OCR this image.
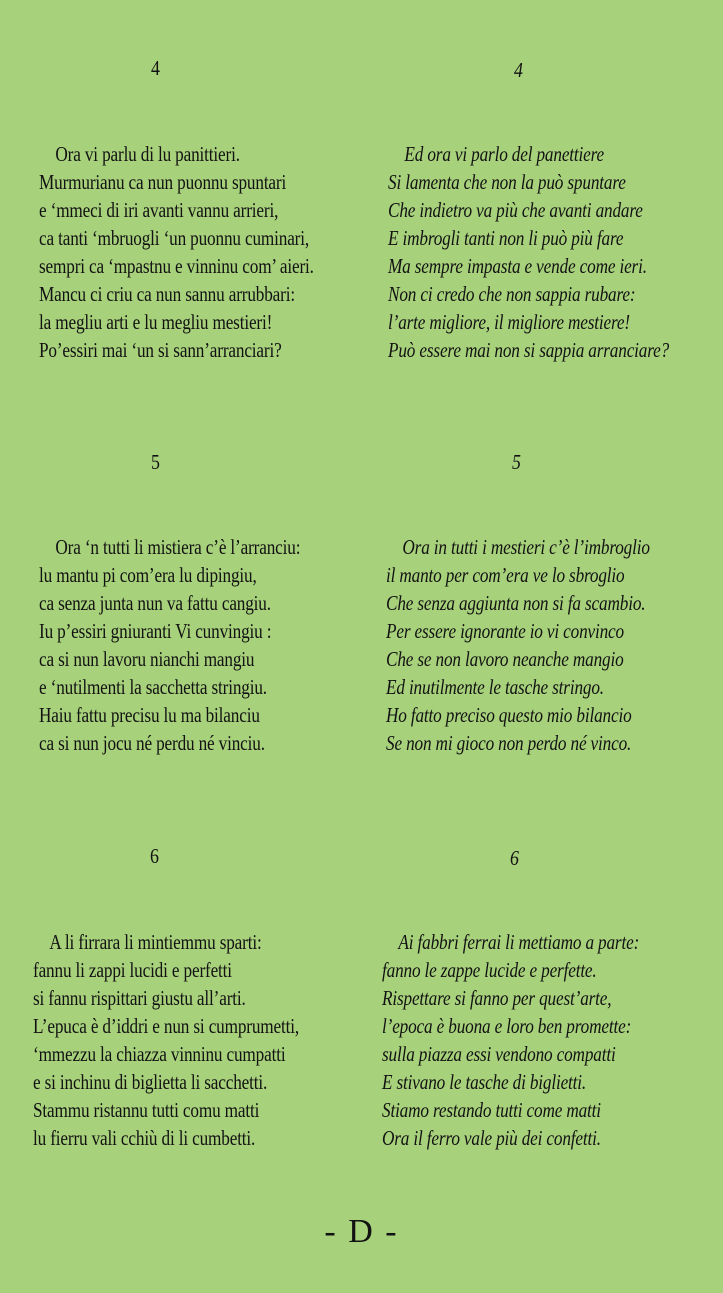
4	4
Ora vi parlu di lu panittieri.
Murmurianu ca nun puonnu spuntari
e ‘mmeci di iri avanti vannu arrieri,
ca tanti ‘mbruogli ‘un puonnu cuminari,
sempri ca ‘mpastnu e vinninu com’ aieri.
Mancu ci criu ca nun sannu arrubbari:
la megliu arti e lu megliu mestieri!
Po’essiri mai ‘un si sann’arranciari?
Ed ora vi parlo del panettiere
Si lamenta che non la può spuntare
Che indietro va più che avanti andare
E imbrogli tanti non li può più fare
Ma sempre impasta e vende come ieri.
Non ci credo che non sappia rubare:
l’arte migliore, il migliore mestiere!
Può essere mai non si sappia arranciare?
5	5
Ora ‘n tutti li mistiera c’è l’arranciu:
lu mantu pi com’era lu dipingiu,
ca senza junta nun va fattu cangiu.
Iu p’essiri gniuranti Vi cunvingiu :
ca si nun lavoru nianchi mangiu
e ‘nutilmenti la sacchetta stringiu.
Haiu fattu precisu lu ma bilanciu
ca si nun jocu né perdu né vinciu.
Ora in tutti i mestieri c’è l’imbroglio
il manto per com’era ve lo sbroglio
Che senza aggiunta non si fa scambio.
Per essere ignorante io vi convinco
Che se non lavoro neanche mangio
Ed inutilmente le tasche stringo.
Ho fatto preciso questo mio bilancio
Se non mi gioco non perdo né vinco.
6	6
A li firrara li mintiemmu sparti:
fannu li zappi lucidi e perfetti
si fannu rispittari giustu all’arti.
L’epuca è d’iddri e nun si cumprumetti,
‘mmezzu la chiazza vinninu cumpatti
e si inchinu di biglietta li sacchetti.
Stammu ristannu tutti comu matti
lu fierru vali cchiù di li cumbetti.
Ai fabbri ferrai li mettiamo a parte:
fanno le zappe lucide e perfette.
Rispettare si fanno per quest’arte,
l’epoca è buona e loro ben promette:
sulla piazza essi vendono compatti
E stivano le tasche di biglietti.
Stiamo restando tutti come matti
Ora il ferro vale più dei confetti.
- D -
